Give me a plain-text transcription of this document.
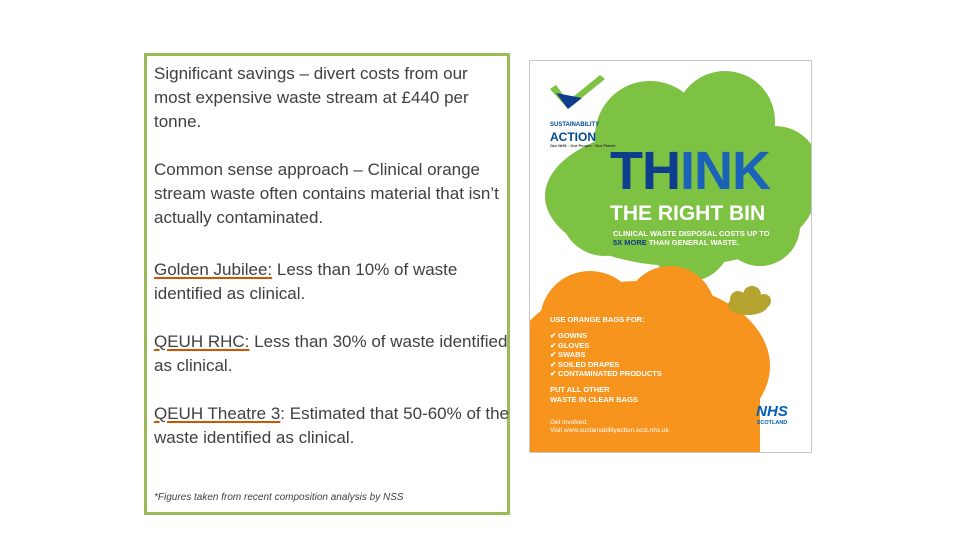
Significant savings – divert costs from our most expensive waste stream at £440 per tonne.
Common sense approach – Clinical orange stream waste often contains material that isn’t actually contaminated.
Golden Jubilee: Less than 10% of waste identified as clinical.
QEUH RHC: Less than 30% of waste identified as clinical.
QEUH Theatre 3: Estimated that 50-60% of the waste identified as clinical.
*Figures taken from recent composition analysis by NSS
SUSTAINABILITY
ACTION
Our NHS · Our People · Our Planet
THINK
THE RIGHT BIN
CLINICAL WASTE DISPOSAL COSTS UP TO
5X MORE THAN GENERAL WASTE.
USE ORANGE BAGS FOR:
✔ GOWNS
✔ GLOVES
✔ SWABS
✔ SOILED DRAPES
✔ CONTAMINATED PRODUCTS
PUT ALL OTHER
WASTE IN CLEAR BAGS
Get involved.
Visit www.sustainabilityaction.scot.nhs.uk
NHS
SCOTLAND
